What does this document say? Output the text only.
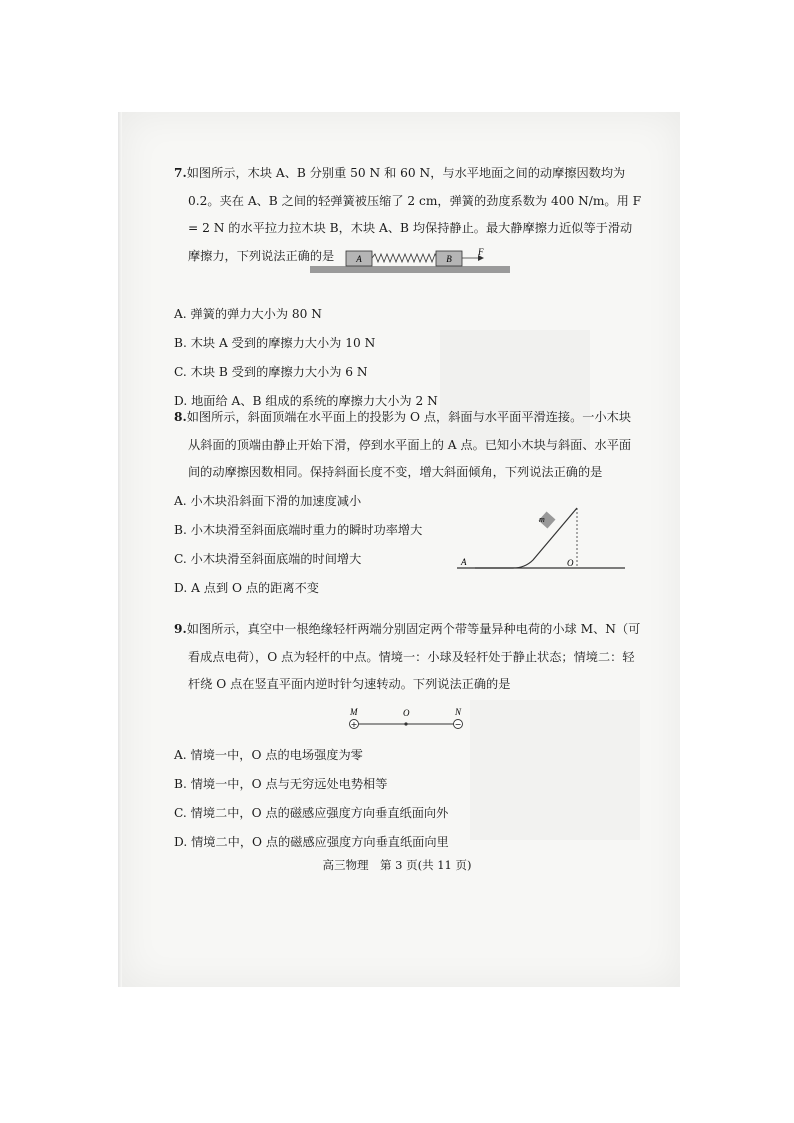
7.如图所示，木块 A、B 分别重 50 N 和 60 N，与水平地面之间的动摩擦因数均为 0.2。夹在 A、B 之间的轻弹簧被压缩了 2 cm，弹簧的劲度系数为 400 N/m。用 F = 2 N 的水平拉力拉木块 B，木块 A、B 均保持静止。最大静摩擦力近似等于滑动摩擦力，下列说法正确的是

A. 弹簧的弹力大小为 80 N

B. 木块 A 受到的摩擦力大小为 10 N

C. 木块 B 受到的摩擦力大小为 6 N

D. 地面给 A、B 组成的系统的摩擦力大小为 2 N

A	B
F

8.如图所示，斜面顶端在水平面上的投影为 O 点，斜面与水平面平滑连接。一小木块从斜面的顶端由静止开始下滑，停到水平面上的 A 点。已知小木块与斜面、水平面间的动摩擦因数相同。保持斜面长度不变，增大斜面倾角，下列说法正确的是

A. 小木块沿斜面下滑的加速度减小

B. 小木块滑至斜面底端时重力的瞬时功率增大

C. 小木块滑至斜面底端的时间增大

D. A 点到 O 点的距离不变

m
A	O

9.如图所示，真空中一根绝缘轻杆两端分别固定两个带等量异种电荷的小球 M、N（可看成点电荷），O 点为轻杆的中点。情境一：小球及轻杆处于静止状态；情境二：轻杆绕 O 点在竖直平面内逆时针匀速转动。下列说法正确的是

A. 情境一中，O 点的电场强度为零

B. 情境一中，O 点与无穷远处电势相等

C. 情境二中，O 点的磁感应强度方向垂直纸面向外

D. 情境二中，O 点的磁感应强度方向垂直纸面向里

+	−
M	O	N
高三物理　第 3 页(共 11 页)
